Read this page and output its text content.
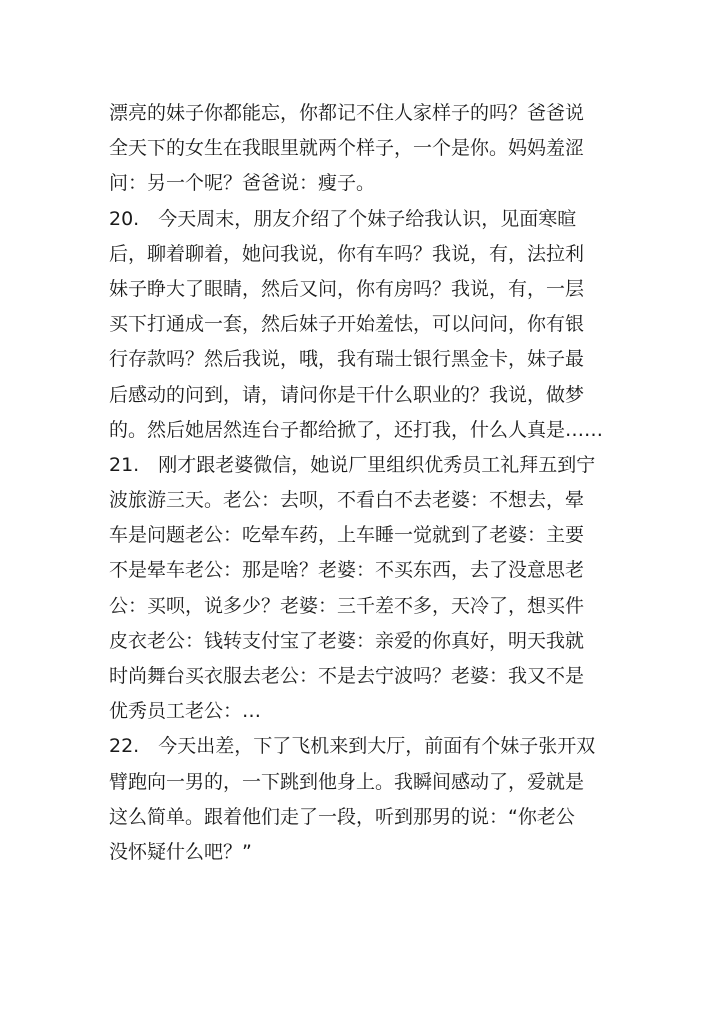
漂亮的妹子你都能忘，你都记不住人家样子的吗？爸爸说
全天下的女生在我眼里就两个样子，一个是你。妈妈羞涩
问：另一个呢？爸爸说：瘦子。
20.　今天周末，朋友介绍了个妹子给我认识，见面寒暄
后，聊着聊着，她问我说，你有车吗？我说，有，法拉利
妹子睁大了眼睛，然后又问，你有房吗？我说，有，一层
买下打通成一套，然后妹子开始羞怯，可以问问，你有银
行存款吗？然后我说，哦，我有瑞士银行黑金卡，妹子最
后感动的问到，请，请问你是干什么职业的？我说，做梦
的。然后她居然连台子都给掀了，还打我，什么人真是……
21.　刚才跟老婆微信，她说厂里组织优秀员工礼拜五到宁
波旅游三天。老公：去呗，不看白不去老婆：不想去，晕
车是问题老公：吃晕车药，上车睡一觉就到了老婆：主要
不是晕车老公：那是啥？老婆：不买东西，去了没意思老
公：买呗，说多少？老婆：三千差不多，天冷了，想买件
皮衣老公：钱转支付宝了老婆：亲爱的你真好，明天我就
时尚舞台买衣服去老公：不是去宁波吗？老婆：我又不是
优秀员工老公：…
22.　今天出差，下了飞机来到大厅，前面有个妹子张开双
臂跑向一男的，一下跳到他身上。我瞬间感动了，爱就是
这么简单。跟着他们走了一段，听到那男的说：“你老公
没怀疑什么吧？”
